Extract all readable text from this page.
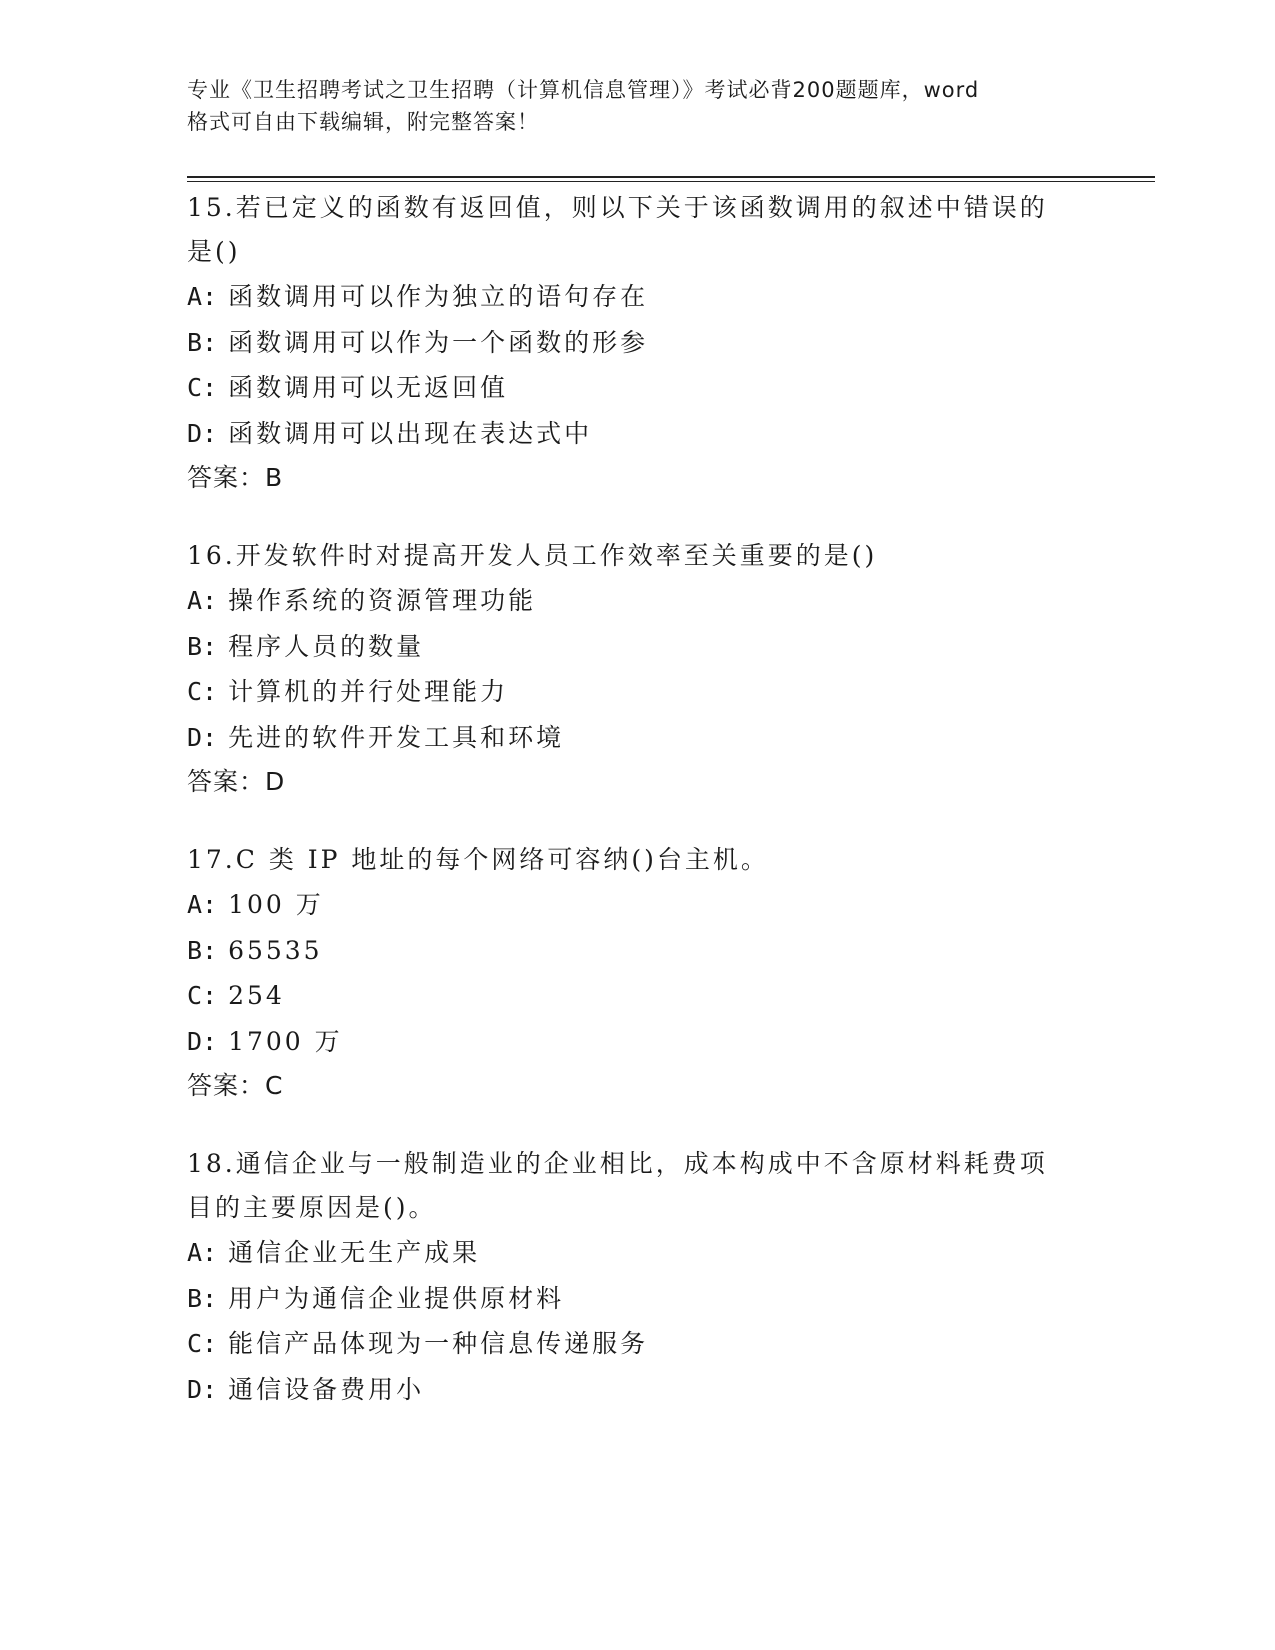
专业《卫生招聘考试之卫生招聘（计算机信息管理）》考试必背200题题库，word
格式可自由下载编辑，附完整答案！
15.若已定义的函数有返回值，则以下关于该函数调用的叙述中错误的
是()
A: 函数调用可以作为独立的语句存在
B: 函数调用可以作为一个函数的形参
C: 函数调用可以无返回值
D: 函数调用可以出现在表达式中
答案：B
16.开发软件时对提高开发人员工作效率至关重要的是()
A: 操作系统的资源管理功能
B: 程序人员的数量
C: 计算机的并行处理能力
D: 先进的软件开发工具和环境
答案：D
17.C 类 IP 地址的每个网络可容纳()台主机。
A: 100 万
B: 65535
C: 254
D: 1700 万
答案：C
18.通信企业与一般制造业的企业相比，成本构成中不含原材料耗费项
目的主要原因是()。
A: 通信企业无生产成果
B: 用户为通信企业提供原材料
C: 能信产品体现为一种信息传递服务
D: 通信设备费用小
